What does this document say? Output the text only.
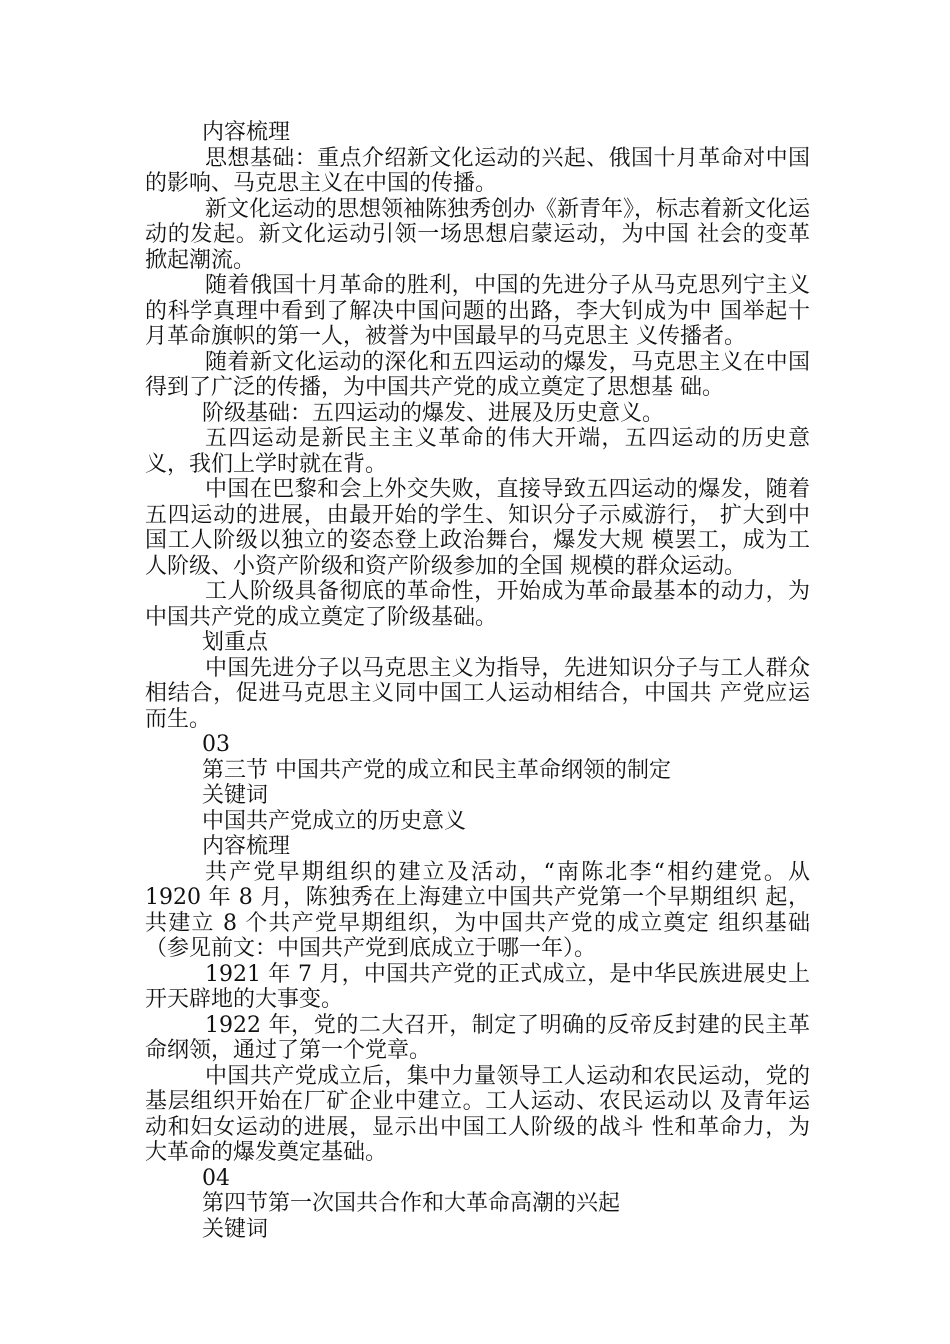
内容梳理

思想基础：重点介绍新文化运动的兴起、俄国十月革命对中国的影响、马克思主义在中国的传播。

新文化运动的思想领袖陈独秀创办《新青年》，标志着新文化运动的发起。新文化运动引领一场思想启蒙运动，为中国 社会的变革掀起潮流。

随着俄国十月革命的胜利，中国的先进分子从马克思列宁主义的科学真理中看到了解决中国问题的出路，李大钊成为中 国举起十月革命旗帜的第一人，被誉为中国最早的马克思主 义传播者。

随着新文化运动的深化和五四运动的爆发，马克思主义在中国得到了广泛的传播，为中国共产党的成立奠定了思想基 础。

阶级基础：五四运动的爆发、进展及历史意义。

五四运动是新民主主义革命的伟大开端，五四运动的历史意义，我们上学时就在背。

中国在巴黎和会上外交失败，直接导致五四运动的爆发，随着五四运动的进展，由最开始的学生、知识分子示威游行， 扩大到中国工人阶级以独立的姿态登上政治舞台，爆发大规 模罢工，成为工人阶级、小资产阶级和资产阶级参加的全国 规模的群众运动。

工人阶级具备彻底的革命性，开始成为革命最基本的动力，为中国共产党的成立奠定了阶级基础。

划重点

中国先进分子以马克思主义为指导，先进知识分子与工人群众相结合，促进马克思主义同中国工人运动相结合，中国共 产党应运而生。

03

第三节 中国共产党的成立和民主革命纲领的制定

关键词

中国共产党成立的历史意义

内容梳理

共产党早期组织的建立及活动，“南陈北李“相约建党。从 1920 年 8 月，陈独秀在上海建立中国共产党第一个早期组织 起，共建立 8 个共产党早期组织，为中国共产党的成立奠定 组织基础（参见前文：中国共产党到底成立于哪一年）。

1921 年 7 月，中国共产党的正式成立，是中华民族进展史上开天辟地的大事变。

1922 年，党的二大召开，制定了明确的反帝反封建的民主革命纲领，通过了第一个党章。

中国共产党成立后，集中力量领导工人运动和农民运动，党的基层组织开始在厂矿企业中建立。工人运动、农民运动以 及青年运动和妇女运动的进展，显示出中国工人阶级的战斗 性和革命力，为大革命的爆发奠定基础。

04

第四节第一次国共合作和大革命高潮的兴起

关键词
